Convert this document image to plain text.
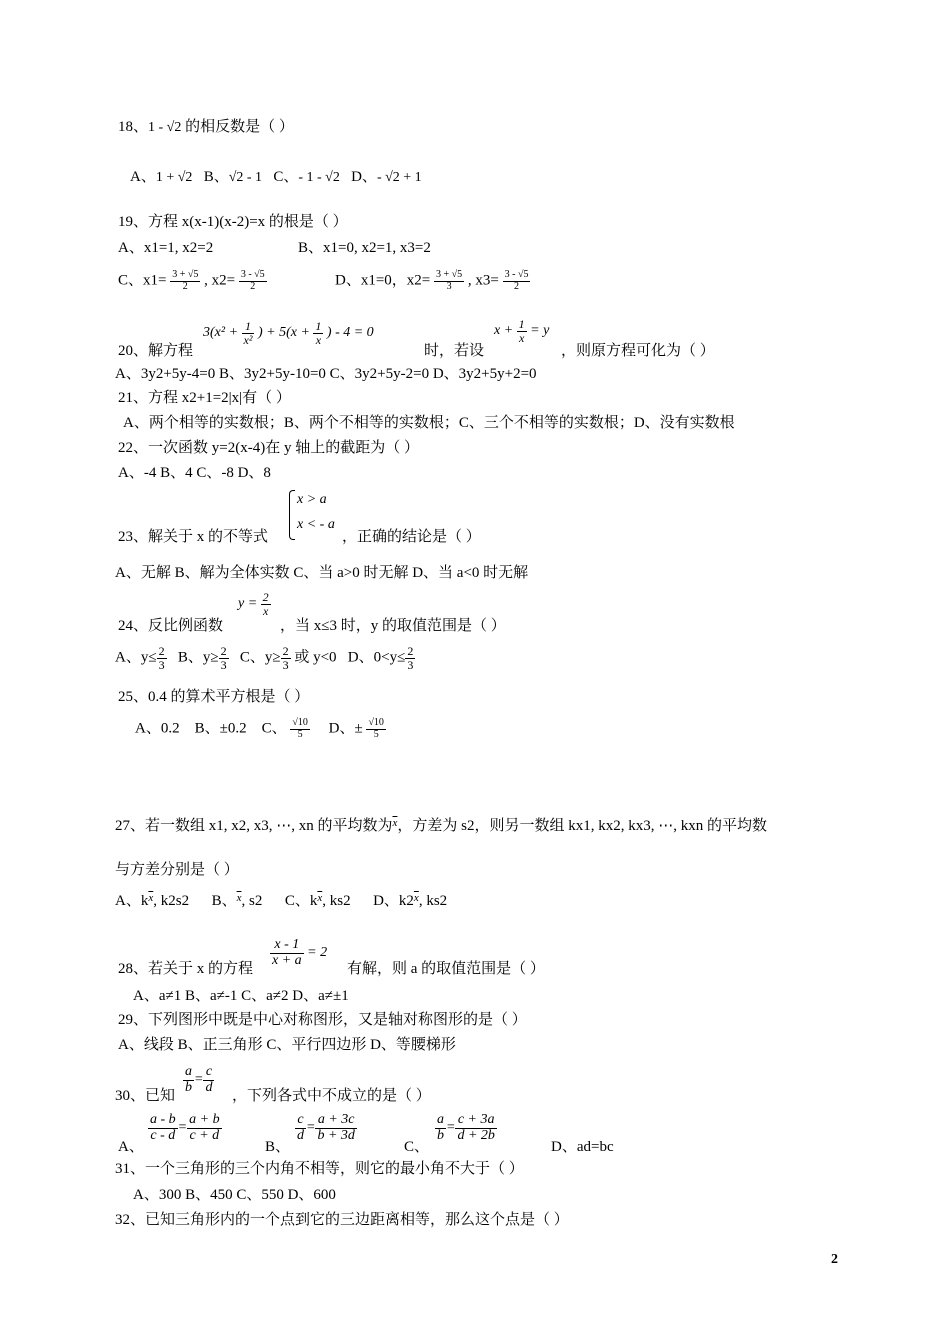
18、1 - √2 的相反数是（ ）
A、1 + √2 B、√2 - 1 C、- 1 - √2 D、- √2 + 1
19、方程 x(x-1)(x-2)=x 的根是（ ）
A、x1=1, x2=2	B、x1=0, x2=1, x3=2
C、$x1= \frac{3 + √5}{2}$ , $x2= \frac{3 - √5}{2}$	D、x1=0，$x2= \frac{3 + √5}{3}$ , $x3= \frac{3 - √5}{2}$
20、解方程
$3(x^2 + \frac{1}{\text{x²}}$ ) + $5(x + \frac{1}{x}$ ) - 4 = 0
时，若设
$x + \frac{1}{x} = y$
，则原方程可化为（ ）
A、3y2+5y-4=0 B、3y2+5y-10=0 C、3y2+5y-2=0 D、3y2+5y+2=0
21、方程 x2+1=2|x|有（ ）
A、两个相等的实数根；B、两个不相等的实数根；C、三个不相等的实数根；D、没有实数根
22、一次函数 y=2(x-4)在 y 轴上的截距为（ ）
A、-4 B、4 C、-8 D、8
23、解关于 x 的不等式
x > a
x < - a
，正确的结论是（ ）
A、无解 B、解为全体实数 C、当 a>0 时无解 D、当 a<0 时无解
24、反比例函数
$y = \frac{2}{x}$
，当 x≤3 时，y 的取值范围是（ ）
A、$y\le \frac{2}{3}$ B、$y\ge \frac{2}{3}$ C、$y\ge \frac{2}{3}$ 或 y<0 D、$0<y\le \frac{2}{3}$
25、0.4 的算术平方根是（ ）
A、0.2 B、±0.2 C、 $\frac{√10}{5}$ D、± $\frac{√10}{5}$
27、若一数组 x1, x2, x3, ⋯, xn 的平均数为$^{\overline{x}}$，方差为 s2，则另一数组 kx1, kx2, kx3, ⋯, kxn 的平均数
与方差分别是（ ）
A、$k^{\overline{x}}$, k2s2 B、$^{\overline{x}}$, s2 C、$k^{\overline{x}}$, ks2 D、k2$^{\overline{x}}$, ks2
28、若关于 x 的方程
$\frac{x - 1}{x + a} = 2$
有解，则 a 的取值范围是（ ）
A、a≠1 B、a≠-1 C、a≠2 D、a≠±1
29、下列图形中既是中心对称图形，又是轴对称图形的是（ ）
A、线段 B、正三角形 C、平行四边形 D、等腰梯形
30、已知
$\frac{a}{b} = \frac{c}{d}$
，下列各式中不成立的是（ ）
A、
$\frac{a - b}{c - d} = \frac{a + b}{c + d}$
B、
$\frac{c}{d} = \frac{a + 3c}{b + 3d}$
C、
$\frac{a}{b} = \frac{c + 3a}{d + 2b}$
D、ad=bc
31、一个三角形的三个内角不相等，则它的最小角不大于（ ）
A、300 B、450 C、550 D、600
32、已知三角形内的一个点到它的三边距离相等，那么这个点是（ ）
2
